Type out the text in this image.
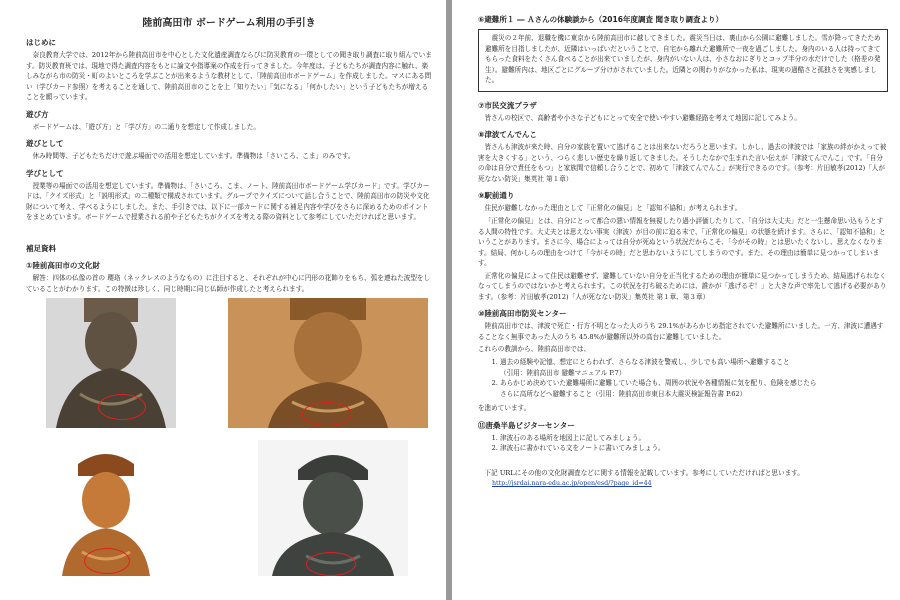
陸前高田市 ボードゲーム利用の手引き
はじめに

奈良教育大学では、2012年から陸前高田市を中心とした文化遺産調査ならびに防災教育の一環としての聞き取り調査に取り組んでいます。防災教育班では、現地で得た調査内容をもとに論文や指導案の作成を行ってきました。今年度は、子どもたちが調査内容に触れ、楽しみながら市の防災・町のよいところを学ぶことが出来るような教材として、「陸前高田市ボードゲーム」を作成しました。マスにある問い（学びカード参照）を考えることを通して、陸前高田市のことを上「知りたい」「気になる」「何かしたい」という子どもたちが増えることを願っています。

遊び方

ボードゲームは、「遊び方」と「学び方」の二通りを想定して作成しました。

遊びとして

休み時間等、子どもたちだけで遊ぶ場面での活用を想定しています。準備物は「さいころ、こま」のみです。

学びとして

授業等の場面での活用を想定しています。準備物は、「さいころ、こま、ノート、陸前高田市ボードゲーム学びカード」です。学びカードは、「クイズ形式」と「説明形式」の二種類で構成されています。グループでクイズについて話し合うことで、陸前高田市の防災や文化財について考え、学べるようにしました。また、手引きでは、以下に一部カードに関する補足内容や学びをさらに深めるためのポイントをまとめています。ボードゲームで授業される前や子どもたちがクイズを考える際の資料として参考にしていただければと思います。

補足資料
①陸前高田市の文化財

解答：四体の仏像の首の 瓔珞（ネックレスのようなもの）に注目すると、それぞれが中心に円形の花飾りをもち、弧を連ねた波型をしていることがわかります。この特徴は珍しく、同じ時期に同じ仏師が作成したと考えられます。

⑥避難所１ ― Ａさんの体験談から（2016年度調査 聞き取り調査より）

震災の２年前、退職を機に東京から陸前高田市に越してきました。震災当日は、裏山から公園に避難しました。雪が降ってきたため避難所を目指しましたが、近隣はいっぱいだということで、自宅から離れた避難所で一夜を過ごしました。身内のいる人は持ってきてもらった食料をたくさん食べることが出来ていましたが、身内がいない人は、小さなおにぎりとコップ半分の水だけでした（格差の発生）。避難所内は、地区ごとにグループ分けがされていました。近隣との関わりがなかった私は、現実の過酷さと孤独さを実感しました。

⑦市民交流プラザ

皆さんの校区で、高齢者や小さな子どもにとって安全で使いやすい避難経路を考えて地図に記してみよう。

⑧津波てんでんこ

皆さんも津波が来た時、自分の家族を置いて逃げることは出来ないだろうと思います。しかし、過去の津波では「家族の絆がかえって被害を大きくする」という、つらく悲しい歴史を繰り返してきました。そうしたなかで生まれた言い伝えが「津波てんでんこ」です。「自分の命は自分で責任をもつ」と家族間で信頼し合うことで、初めて「津波てんでんこ」が実行できるのです。（参考：片田敏孝(2012)「人が死なない防災」集英社 第１章）

⑨駅前通り

住民が避難しなかった理由として「正常化の偏見」と「認知不協和」が考えられます。

「正常化の偏見」とは、自分にとって都合の悪い情報を無視したり過小評価したりして、「自分は大丈夫」だと一生懸命思い込もうとする人間の特性です。大丈夫とは思えない事実（津波）が目の前に迫る末で、「正常化の偏見」の状態を続けます。さらに、「認知不協和」ということがあります。まさに今、場合によっては自分が死ぬという状況だからこそ、「今がその時」とは思いたくないし、思えなくなります。結局、何かしらの理由をつけて「今がその時」だと思わないようにしてしまうのです。また、その理由は簡単に見つかってしまいます。

正常化の偏見によって住民は避難せず、避難していない自分を正当化するための理由が簡単に見つかってしまうため、結局逃げられなくなってしまうのではないかと考えられます。この状況を打ち破るためには、誰かが「逃げるぞ！」と大きな声で率先して逃げる必要があります。（参考：片田敏孝(2012)「人が死なない防災」集英社 第１章、第３章）

⑩陸前高田市防災センター

陸前高田市では、津波で死亡・行方不明となった人のうち 29.1%があらかじめ指定されていた避難所にいました。一方、津波に遭遇することなく無事であった人のうち 45.8%が避難所以外の高台に避難していました。

これらの教訓から、陸前高田市では、

1. 過去の経験や記憶、想定にとらわれず、さらなる津波を警戒し、少しでも高い場所へ避難すること
（引用：陸前高田市 避難マニュアル P.7）
2. あらかじめ決めていた避難場所に避難していた場合も、周囲の状況や各種情報に気を配り、危険を感じたら
さらに高所などへ避難すること（引用：陸前高田市東日本大震災検証報告書 P.62）

を進めています。

⑪唐桑半島ビジターセンター
1. 津波石のある場所を地図上に記してみましょう。
2. 津波石に書かれている文をノートに書いてみましょう。

下記 URLにその他の文化財調査などに関する情報を記載しています。参考にしていただければと思います。

http://jsrdai.nara-edu.ac.jp/open/esd/?page_id=44
